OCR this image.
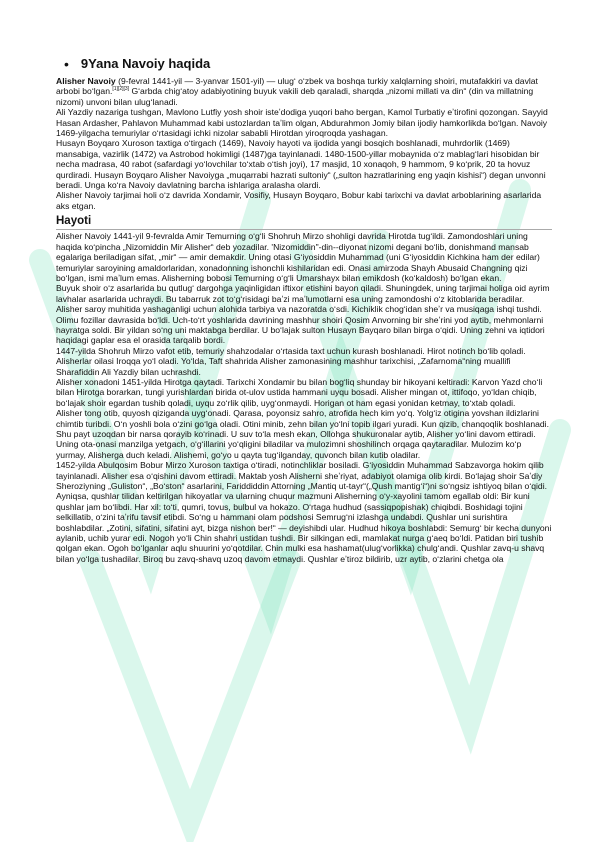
• 9Yana Navoiy haqida

Alisher Navoiy (9-fevral 1441-yil — 3-yanvar 1501-yil) — ulugʻ oʻzbek va boshqa turkiy xalqlarning shoiri, mutafakkiri va davlat arbobi boʻlgan.[1][2][3] Gʻarbda chigʻatoy adabiyotining buyuk vakili deb qaraladi, sharqda „nizomi millati va din“ (din va millatning nizomi) unvoni bilan ulugʻlanadi.

Ali Yazdiy nazariga tushgan, Mavlono Lutfiy yosh shoir isteʼdodiga yuqori baho bergan, Kamol Turbatiy eʼtirofini qozongan. Sayyid Hasan Ardasher, Pahlavon Muhammad kabi ustozlardan taʼlim olgan, Abdurahmon Jomiy bilan ijodiy hamkorlikda boʻlgan. Navoiy 1469-yilgacha temuriylar oʻrtasidagi ichki nizolar sababli Hirotdan yiroqroqda yashagan.

Husayn Boyqaro Xuroson taxtiga oʻtirgach (1469), Navoiy hayoti va ijodida yangi bosqich boshlanadi, muhrdorlik (1469) mansabiga, vazirlik (1472) va Astrobod hokimligi (1487)ga tayinlanadi. 1480-1500-yillar mobaynida oʻz mablagʻlari hisobidan bir necha madrasa, 40 rabot (safardagi yoʻlovchilar toʻxtab oʻtish joyi), 17 masjid, 10 xonaqoh, 9 hammom, 9 koʻprik, 20 ta hovuz qurdiradi. Husayn Boyqaro Alisher Navoiyga „muqarrabi hazrati sultoniy“ („sulton hazratlarining eng yaqin kishisi“) degan unvonni beradi. Unga koʻra Navoiy davlatning barcha ishlariga aralasha olardi.

Alisher Navoiy tarjimai holi oʻz davrida Xondamir, Vosifiy, Husayn Boyqaro, Bobur kabi tarixchi va davlat arboblarining asarlarida aks etgan.

Hayoti

Alisher Navoiy 1441-yil 9-fevralda Amir Temurning oʻgʻli Shohruh Mirzo shohligi davrida Hirotda tugʻildi. Zamondoshlari uning haqida koʻpincha „Nizomiddin Mir Alisher“ deb yozadilar. 'Nizomiddin"-din--diyonat nizomi degani boʻlib, donishmand mansab egalariga beriladigan sifat, „mir“ — amir demakdir. Uning otasi Gʻiyosiddin Muhammad (uni Gʻiyosiddin Kichkina ham der edilar) temuriylar saroyining amaldorlaridan, xonadonning ishonchli kishilaridan edi. Onasi amirzoda Shayh Abusaid Changning qizi boʻlgan, ismi maʼlum emas. Alisherning bobosi Temurning oʻgʻli Umarshayx bilan emikdosh (koʻkaldosh) boʻlgan ekan.

Buyuk shoir oʻz asarlarida bu qutlugʻ dargohga yaqinligidan iftixor etishini bayon qiladi. Shuningdek, uning tarjimai holiga oid ayrim lavhalar asarlarida uchraydi. Bu tabarruk zot toʻgʻrisidagi baʼzi maʼlumotlarni esa uning zamondoshi oʻz kitoblarida beradilar.

Alisher saroy muhitida yashaganligi uchun alohida tarbiya va nazoratda oʻsdi. Kichiklik chogʻidan sheʼr va musiqaga ishqi tushdi. Olimu fozillar davrasida boʻldi. Uch-toʻrt yoshlarida davrining mashhur shoiri Qosim Anvorning bir sheʼrini yod aytib, mehmonlarni hayratga soldi. Bir yildan soʻng uni maktabga berdilar. U boʻlajak sulton Husayn Bayqaro bilan birga oʻqidi. Uning zehni va iqtidori haqidagi gaplar esa el orasida tarqalib bordi.

1447-yilda Shohruh Mirzo vafot etib, temuriy shahzodalar oʻrtasida taxt uchun kurash boshlanadi. Hirot notinch boʻlib qoladi. Alisherlar oilasi Iroqqa yoʻl oladi. Yoʻlda, Taft shahrida Alisher zamonasining mashhur tarixchisi, „Zafarnoma“ning muallifi Sharafiddin Ali Yazdiy bilan uchrashdi.

Alisher xonadoni 1451-yilda Hirotga qaytadi. Tarixchi Xondamir bu bilan bogʻliq shunday bir hikoyani keltiradi: Karvon Yazd choʻli bilan Hirotga borarkan, tungi yurishlardan birida ot-ulov ustida hammani uyqu bosadi. Alisher mingan ot, ittifoqo, yoʻldan chiqib, boʻlajak shoir egardan tushib qoladi, uyqu zoʻrlik qilib, uygʻonmaydi. Horigan ot ham egasi yonidan ketmay, toʻxtab qoladi.

Alisher tong otib, quyosh qiziganda uygʻonadi. Qarasa, poyonsiz sahro, atrofida hech kim yoʻq. Yolgʻiz otigina yovshan ildizlarini chimtib turibdi. Oʻn yoshli bola oʻzini goʻlga oladi. Otini minib, zehn bilan yoʻlni topib ilgari yuradi. Kun qizib, chanqoqlik boshlanadi. Shu payt uzoqdan bir narsa qorayib koʻrinadi. U suv toʻla mesh ekan, Ollohga shukuronalar aytib, Alisher yoʻlini davom ettiradi. Uning ota-onasi manzilga yetgach, oʻgʻillarini yoʻqligini biladilar va mulozimni shoshilinch orqaga qaytaradilar. Mulozim koʻp yurmay, Alisherga duch keladi. Alishemi, goʻyo u qayta tugʻilganday, quvonch bilan kutib oladilar.

1452-yilda Abulqosim Bobur Mirzo Xuroson taxtiga oʻtiradi, notinchliklar bosiladi. Gʻiyosiddin Muhammad Sabzavorga hokim qilib tayinlanadi. Alisher esa oʻqishini davom ettiradi. Maktab yosh Alisherni sheʼriyat, adabiyot olamiga olib kirdi. Boʻlajag shoir Saʼdiy Sheroziyning „Guliston“, „Boʻston“ asarlarini, Fariddiddin Attorning „Mantiq ut-tayr“(„Qush mantigʻi“)ni soʻngsiz ishtiyoq bilan oʻqidi. Ayniqsa, qushlar tilidan keltirilgan hikoyatlar va ularning chuqur mazmuni Alisherning oʻy-xayolini tamom egallab oldi: Bir kuni qushlar jam boʻlibdi. Har xil: toʻti, qumri, tovus, bulbul va hokazo. Oʻrtaga hudhud (sassiqpopishak) chiqibdi. Boshidagi tojini selkillatib, oʻzini taʼrifu tavsif etibdi. Soʻng u hammani olam podshosi Semrugʻni izlashga undabdi. Qushlar uni surishtira boshlabdilar. „Zotini, sifatini, sifatini ayt, bizga nishon ber!“ — deyishibdi ular. Hudhud hikoya boshlabdi: Semurgʻ bir kecha dunyoni aylanib, uchib yurar edi. Nogoh yoʻli Chin shahri ustidan tushdi. Bir silkingan edi, mamlakat nurga gʻaeq boʻldi. Patidan biri tushib qolgan ekan. Ogoh boʻlganlar aqlu shuurini yoʻqotdilar. Chin mulki esa hashamat(ulugʻvorlikka) chulgʻandi. Qushlar zavq-u shavq bilan yoʻlga tushadilar. Biroq bu zavq-shavq uzoq davom etmaydi. Qushlar eʼtiroz bildirib, uzr aytib, oʻzlarini chetga ola
